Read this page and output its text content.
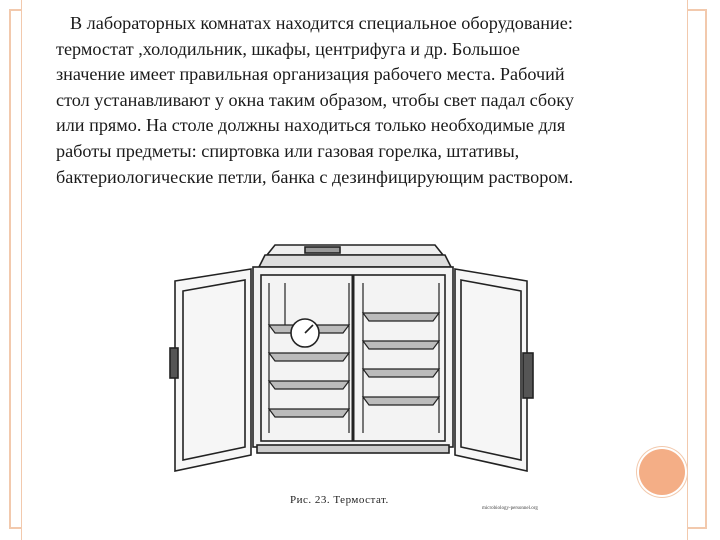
В лабораторных комнатах находится специальное оборудование:
термостат ,холодильник, шкафы, центрифуга и др. Большое
значение имеет правильная организация рабочего места. Рабочий
стол устанавливают у окна таким образом, чтобы свет падал сбоку
или прямо. На столе должны находиться только необходимые для
работы предметы: спиртовка или газовая горелка, штативы,
бактериологические петли, банка с дезинфицирующим раствором.
Рис. 23. Термостат.
microbiology-personnel.org
